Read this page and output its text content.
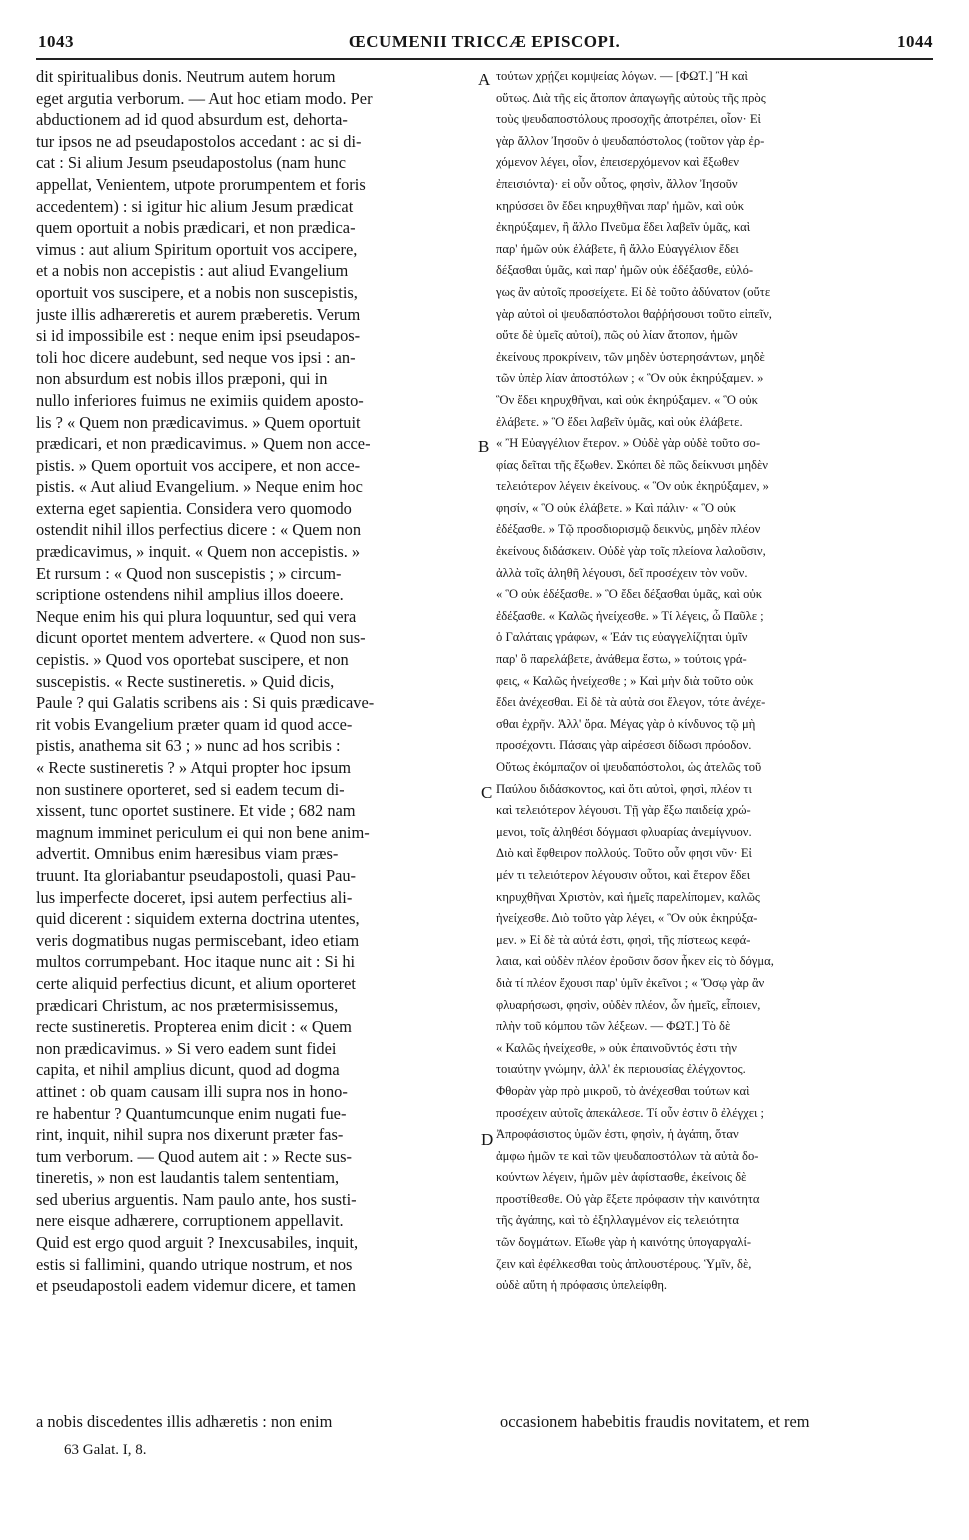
1043	ŒCUMENII TRICCÆ EPISCOPI.	1044
dit spiritualibus donis. Neutrum autem horum
eget argutia verborum. — Aut hoc etiam modo. Per
abductionem ad id quod absurdum est, dehorta-
tur ipsos ne ad pseudapostolos accedant : ac si di-
cat : Si alium Jesum pseudapostolus (nam hunc
appellat, Venientem, utpote prorumpentem et foris
accedentem) : si igitur hic alium Jesum prædicat
quem oportuit a nobis prædicari, et non prædica-
vimus : aut alium Spiritum oportuit vos accipere,
et a nobis non accepistis : aut aliud Evangelium
oportuit vos suscipere, et a nobis non suscepistis,
juste illis adhæreretis et aurem præberetis. Verum
si id impossibile est : neque enim ipsi pseudapos-
toli hoc dicere audebunt, sed neque vos ipsi : an-
non absurdum est nobis illos præponi, qui in
nullo inferiores fuimus ne eximiis quidem aposto-
lis ? « Quem non prædicavimus. » Quem oportuit
prædicari, et non prædicavimus. » Quem non acce-
pistis. » Quem oportuit vos accipere, et non acce-
pistis. « Aut aliud Evangelium. » Neque enim hoc
externa eget sapientia. Considera vero quomodo
ostendit nihil illos perfectius dicere : « Quem non
prædicavimus, » inquit. « Quem non accepistis. »
Et rursum : « Quod non suscepistis ; » circum-
scriptione ostendens nihil amplius illos doeere.
Neque enim his qui plura loquuntur, sed qui vera
dicunt oportet mentem advertere. « Quod non sus-
cepistis. » Quod vos oportebat suscipere, et non
suscepistis. « Recte sustineretis. » Quid dicis,
Paule ? qui Galatis scribens ais : Si quis prædicave-
rit vobis Evangelium præter quam id quod acce-
pistis, anathema sit 63 ; » nunc ad hos scribis :
« Recte sustineretis ? » Atqui propter hoc ipsum
non sustinere oporteret, sed si eadem tecum di-
xissent, tunc oportet sustinere. Et vide ; 682 nam
magnum imminet periculum ei qui non bene anim-
advertit. Omnibus enim hæresibus viam præs-
truunt. Ita gloriabantur pseudapostoli, quasi Pau-
lus imperfecte doceret, ipsi autem perfectius ali-
quid dicerent : siquidem externa doctrina utentes,
veris dogmatibus nugas permiscebant, ideo etiam
multos corrumpebant. Hoc itaque nunc ait : Si hi
certe aliquid perfectius dicunt, et alium oporteret
prædicari Christum, ac nos prætermisissemus,
recte sustineretis. Propterea enim dicit : « Quem
non prædicavimus. » Si vero eadem sunt fidei
capita, et nihil amplius dicunt, quod ad dogma
attinet : ob quam causam illi supra nos in hono-
re habentur ? Quantumcunque enim nugati fue-
rint, inquit, nihil supra nos dixerunt præter fas-
tum verborum. — Quod autem ait : » Recte sus-
tineretis, » non est laudantis talem sententiam,
sed uberius arguentis. Nam paulo ante, hos susti-
nere eisque adhærere, corruptionem appellavit.
Quid est ergo quod arguit ? Inexcusabiles, inquit,
estis si fallimini, quando utrique nostrum, et nos
et pseudapostoli eadem videmur dicere, et tamen
τούτων χρῄζει κομψείας λόγων. — [ΦΩΤ.] Ἢ καὶ
οὕτως. Διὰ τῆς εἰς ἄτοπον ἀπαγωγῆς αὐτοὺς τῆς πρὸς
τοὺς ψευδαποστόλους προσοχῆς ἀποτρέπει, οἷον· Εἰ
γὰρ ἄλλον Ἰησοῦν ὁ ψευδαπόστολος (τοῦτον γὰρ ἐρ-
χόμενον λέγει, οἷον, ἐπεισερχόμενον καὶ ἔξωθεν
ἐπεισιόντα)· εἰ οὖν οὗτος, φησὶν, ἄλλον Ἰησοῦν
κηρύσσει ὃν ἔδει κηρυχθῆναι παρ' ἡμῶν, καὶ οὐκ
ἐκηρύξαμεν, ἢ ἄλλο Πνεῦμα ἔδει λαβεῖν ὑμᾶς, καὶ
παρ' ἡμῶν οὐκ ἐλάβετε, ἢ ἄλλο Εὐαγγέλιον ἔδει
δέξασθαι ὑμᾶς, καὶ παρ' ἡμῶν οὐκ ἐδέξασθε, εὐλό-
γως ἂν αὐτοῖς προσείχετε. Εἰ δὲ τοῦτο ἀδύνατον (οὔτε
γὰρ αὐτοὶ οἱ ψευδαπόστολοι θαῤῥήσουσι τοῦτο εἰπεῖν,
οὔτε δὲ ὑμεῖς αὐτοί), πῶς οὐ λίαν ἄτοπον, ἡμῶν
ἐκείνους προκρίνειν, τῶν μηδὲν ὑστερησάντων, μηδὲ
τῶν ὑπὲρ λίαν ἀποστόλων ; « Ὃν οὐκ ἐκηρύξαμεν. »
Ὃν ἔδει κηρυχθῆναι, καὶ οὐκ ἐκηρύξαμεν. « Ὃ οὐκ
ἐλάβετε. » Ὃ ἔδει λαβεῖν ὑμᾶς, καὶ οὐκ ἐλάβετε.
« Ἢ Εὐαγγέλιον ἕτερον. » Οὐδὲ γὰρ οὐδὲ τοῦτο σο-
φίας δεῖται τῆς ἔξωθεν. Σκόπει δὲ πῶς δείκνυσι μηδὲν
τελειότερον λέγειν ἐκείνους. « Ὃν οὐκ ἐκηρύξαμεν, »
φησίν, « Ὃ οὐκ ἐλάβετε. » Καὶ πάλιν· « Ὃ οὐκ
ἐδέξασθε. » Τῷ προσδιορισμῷ δεικνὺς, μηδὲν πλέον
ἐκείνους διδάσκειν. Οὐδὲ γὰρ τοῖς πλείονα λαλοῦσιν,
ἀλλὰ τοῖς ἀληθῆ λέγουσι, δεῖ προσέχειν τὸν νοῦν.
« Ὃ οὐκ ἐδέξασθε. » Ὃ ἔδει δέξασθαι ὑμᾶς, καὶ οὐκ
ἐδέξασθε. « Καλῶς ἠνείχεσθε. » Τί λέγεις, ὦ Παῦλε ;
ὁ Γαλάταις γράφων, « Ἐάν τις εὐαγγελίζηται ὑμῖν
παρ' ὃ παρελάβετε, ἀνάθεμα ἔστω, » τούτοις γρά-
φεις, « Καλῶς ἠνείχεσθε ; » Καὶ μὴν διὰ τοῦτο οὐκ
ἔδει ἀνέχεσθαι. Εἰ δὲ τὰ αὐτὰ σοι ἔλεγον, τότε ἀνέχε-
σθαι ἐχρῆν. Ἀλλ' ὅρα. Μέγας γὰρ ὁ κίνδυνος τῷ μὴ
προσέχοντι. Πάσαις γὰρ αἱρέσεσι δίδωσι πρόοδον.
Οὕτως ἐκόμπαζον οἱ ψευδαπόστολοι, ὡς ἀτελῶς τοῦ
Παύλου διδάσκοντος, καὶ ὅτι αὐτοὶ, φησὶ, πλέον τι
καὶ τελειότερον λέγουσι. Τῇ γὰρ ἔξω παιδείᾳ χρώ-
μενοι, τοῖς ἀληθέσι δόγμασι φλυαρίας ἀνεμίγνυον.
Διὸ καὶ ἔφθειρον πολλούς. Τοῦτο οὖν φησι νῦν· Εἰ
μέν τι τελειότερον λέγουσιν οὗτοι, καὶ ἕτερον ἔδει
κηρυχθῆναι Χριστὸν, καὶ ἡμεῖς παρελίπομεν, καλῶς
ἠνείχεσθε. Διὸ τοῦτο γὰρ λέγει, « Ὃν οὐκ ἐκηρύξα-
μεν. » Εἰ δὲ τὰ αὐτά ἐστι, φησὶ, τῆς πίστεως κεφά-
λαια, καὶ οὐδὲν πλέον ἐροῦσιν ὅσον ἧκεν εἰς τὸ δόγμα,
διὰ τί πλέον ἔχουσι παρ' ὑμῖν ἐκεῖνοι ; « Ὅσῳ γὰρ ἂν
φλυαρήσωσι, φησὶν, οὐδὲν πλέον, ὧν ἡμεῖς, εἶποιεν,
πλὴν τοῦ κόμπου τῶν λέξεων. — ΦΩΤ.] Τὸ δὲ
« Καλῶς ἠνείχεσθε, » οὐκ ἐπαινοῦντός ἐστι τὴν
τοιαύτην γνώμην, ἀλλ' ἐκ περιουσίας ἐλέγχοντος.
Φθορὰν γὰρ πρὸ μικροῦ, τὸ ἀνέχεσθαι τούτων καὶ
προσέχειν αὐτοῖς ἀπεκάλεσε. Τί οὖν ἐστιν ὃ ἐλέγχει ;
Ἀπροφάσιστος ὑμῶν ἐστι, φησὶν, ἡ ἀγάπη, ὅταν
ἀμφω ἡμῶν τε καὶ τῶν ψευδαποστόλων τὰ αὐτὰ δο-
κούντων λέγειν, ἡμῶν μὲν ἀφίστασθε, ἐκείνοις δὲ
προστίθεσθε. Οὐ γὰρ ἕξετε πρόφασιν τὴν καινότητα
τῆς ἀγάπης, καὶ τὸ ἐξηλλαγμένον εἰς τελειότητα
τῶν δογμάτων. Εἴωθε γὰρ ἡ καινότης ὑπογαργαλί-
ζειν καὶ ἐφέλκεσθαι τοὺς ἁπλουστέρους. Ὑμῖν, δὲ,
οὐδὲ αὕτη ἡ πρόφασις ὑπελείφθη.
A
B
C
D
a nobis discedentes illis adhæretis : non enim	occasionem habebitis fraudis novitatem, et rem
63 Galat. I, 8.
